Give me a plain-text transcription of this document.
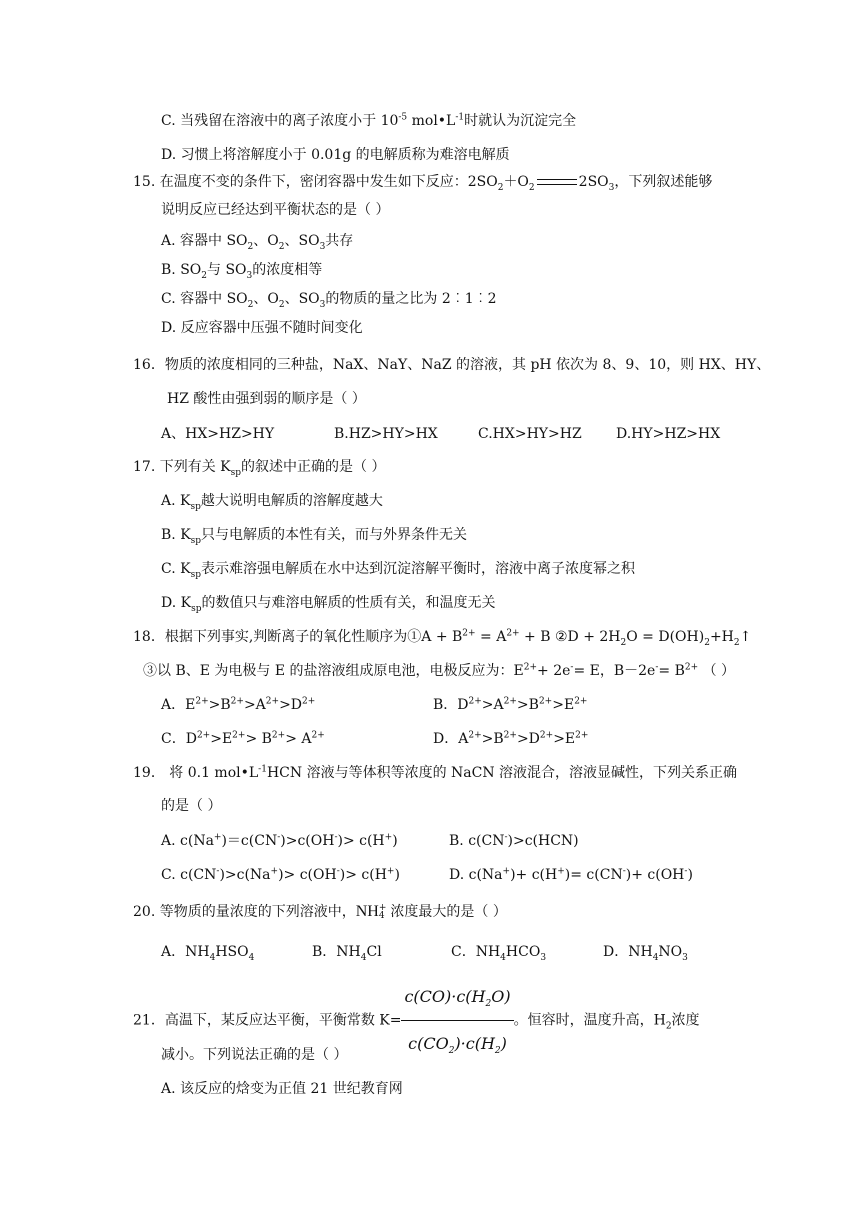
C. 当残留在溶液中的离子浓度小于 $10^{-5}$ $mol•L^{-1}$时就认为沉淀完全
D. 习惯上将溶解度小于 0.01g 的电解质称为难溶电解质
15. 在温度不变的条件下，密闭容器中发生如下反应：$2SO_2+O_2$	$2SO_3$，下列叙述能够
说明反应已经达到平衡状态的是（ ）
A. 容器中 $SO_2$、$O_2$、$SO_3$共存
B. $SO_2$与 $SO_3$的浓度相等
C. 容器中 $SO_2$、$O_2$、$SO_3$的物质的量之比为 2︰1︰2
D. 反应容器中压强不随时间变化
16．物质的浓度相同的三种盐，NaX、NaY、NaZ 的溶液，其 pH 依次为 8、9、10，则 HX、HY、
HZ 酸性由强到弱的顺序是（ ）
A、HX>HZ>HY	B.HZ>HY>HX	C.HX>HY>HZ D.HY>HZ>HX
17. 下列有关 $K_{sp}$的叙述中正确的是（ ）
A. $K_{sp}$越大说明电解质的溶解度越大
B. $K_{sp}$只与电解质的本性有关，而与外界条件无关
C. $K_{sp}$表示难溶强电解质在水中达到沉淀溶解平衡时，溶液中离子浓度幂之积
D. $K_{sp}$的数值只与难溶电解质的性质有关，和温度无关
18．根据下列事实,判断离子的氧化性顺序为①A + $B^{2+} = A^{2+} + B$ ②D + $2H_2O$ = $D(OH)_2+H_2↑$
③以 B、E 为电极与 E 的盐溶液组成原电池，电极反应为：$E^{2+}+ 2e^-= E$，$B-2e^-= B^{2+}$ （ ）
A．$E^{2+}>B^{2+}>A^{2+}>D^{2+}$	B．$D^{2+}>A^{2+}>B^{2+}>E^{2+}$
C．$D^{2+}>E^{2+}> B^{2+}> A^{2+}$	D．$A^{2+}>B^{2+}>D^{2+}>E^{2+}$
19． 将 0.1 $mol•L^{-1}HCN$ 溶液与等体积等浓度的 NaCN 溶液混合，溶液显碱性，下列关系正确
的是（ ）
A. c(Na+)＝c(CN-)>c(OH-)> c(H+)	B. c(CN-)>c(HCN)
C. c(CN-)>c(Na+)> c(OH-)> c(H+)	D. c(Na+)+ c(H+)= c(CN-)+ c(OH-)
20. 等物质的量浓度的下列溶液中，NH +
4 浓度最大的是（ ）
A．$NH_4HSO_4$	B．$NH_4Cl$	C．$NH_4HCO_3$	D．$NH_4NO_3$
21．高温下，某反应达平衡，平衡常数 $K= \frac{c(CO)\cdot c(H_2O)}{c(CO_2)\cdot c(H_2)}$ 。恒容时，温度升高，$H_2$浓度
减小。下列说法正确的是（ ）
A. 该反应的焓变为正值 21 世纪教育网
